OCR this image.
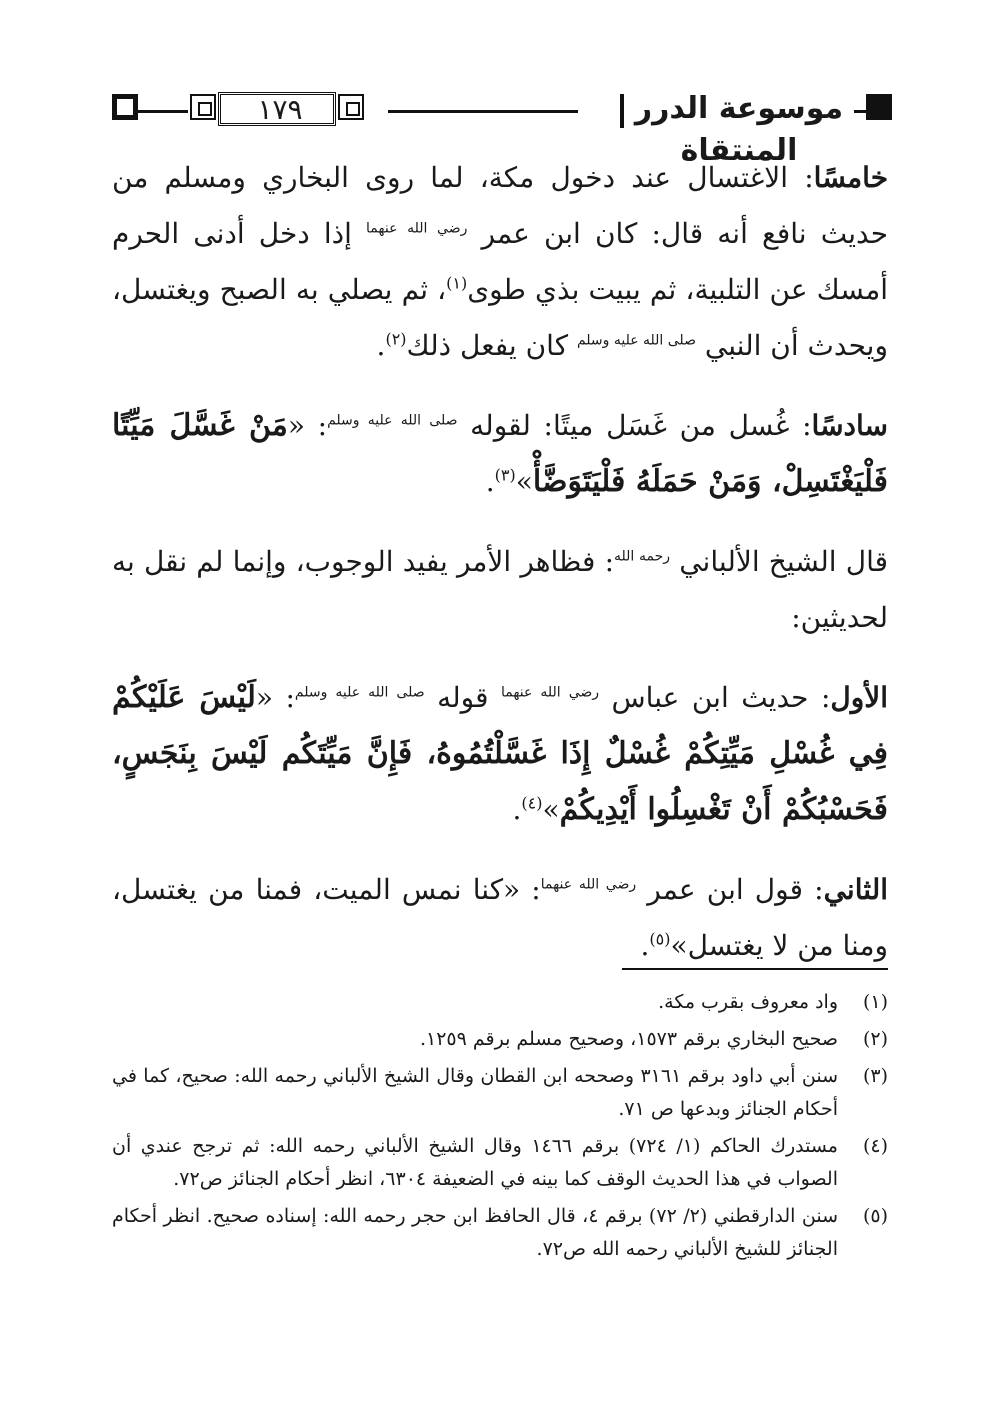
١٧٩	موسوعة الدرر المنتقاة

خامسًا: الاغتسال عند دخول مكة، لما روى البخاري ومسلم من حديث نافع أنه قال: كان ابن عمر $^{رضي الله عنهما}$ إذا دخل أدنى الحرم أمسك عن التلبية، ثم يبيت بذي طوى$^{(١)}$، ثم يصلي به الصبح ويغتسل، ويحدث أن النبي $^{صلى الله عليه وسلم}$ كان يفعل ذلك$^{(٢)}$.

سادسًا: غُسل من غَسَل ميتًا: لقوله $^{صلى الله عليه وسلم}$: «مَنْ غَسَّلَ مَيِّتًا فَلْيَغْتَسِلْ، وَمَنْ حَمَلَهُ فَلْيَتَوَضَّأْ»$^{(٣)}$.

قال الشيخ الألباني $^{رحمه الله}$: فظاهر الأمر يفيد الوجوب، وإنما لم نقل به لحديثين:

الأول: حديث ابن عباس $^{رضي الله عنهما}$ قوله $^{صلى الله عليه وسلم}$: «لَيْسَ عَلَيْكُمْ فِي غُسْلِ مَيِّتِكُمْ غُسْلٌ إِذَا غَسَّلْتُمُوهُ، فَإِنَّ مَيِّتَكُم لَيْسَ بِنَجَسٍ، فَحَسْبُكُمْ أَنْ تَغْسِلُوا أَيْدِيكُمْ»$^{(٤)}$.

الثاني: قول ابن عمر $^{رضي الله عنهما}$: «كنا نمس الميت، فمنا من يغتسل، ومنا من لا يغتسل»$^{(٥)}$.

(١)
واد معروف بقرب مكة.
(٢)
صحيح البخاري برقم ١٥٧٣، وصحيح مسلم برقم ١٢٥٩.
(٣)
سنن أبي داود برقم ٣١٦١ وصححه ابن القطان وقال الشيخ الألباني رحمه الله: صحيح، كما في أحكام الجنائز وبدعها ص ٧١.
(٤)
مستدرك الحاكم (١/ ٧٢٤) برقم ١٤٦٦ وقال الشيخ الألباني رحمه الله: ثم ترجح عندي أن الصواب في هذا الحديث الوقف كما بينه في الضعيفة ٦٣٠٤، انظر أحكام الجنائز ص٧٢.
(٥)
سنن الدارقطني (٢/ ٧٢) برقم ٤، قال الحافظ ابن حجر رحمه الله: إسناده صحيح. انظر أحكام الجنائز للشيخ الألباني رحمه الله ص٧٢.
